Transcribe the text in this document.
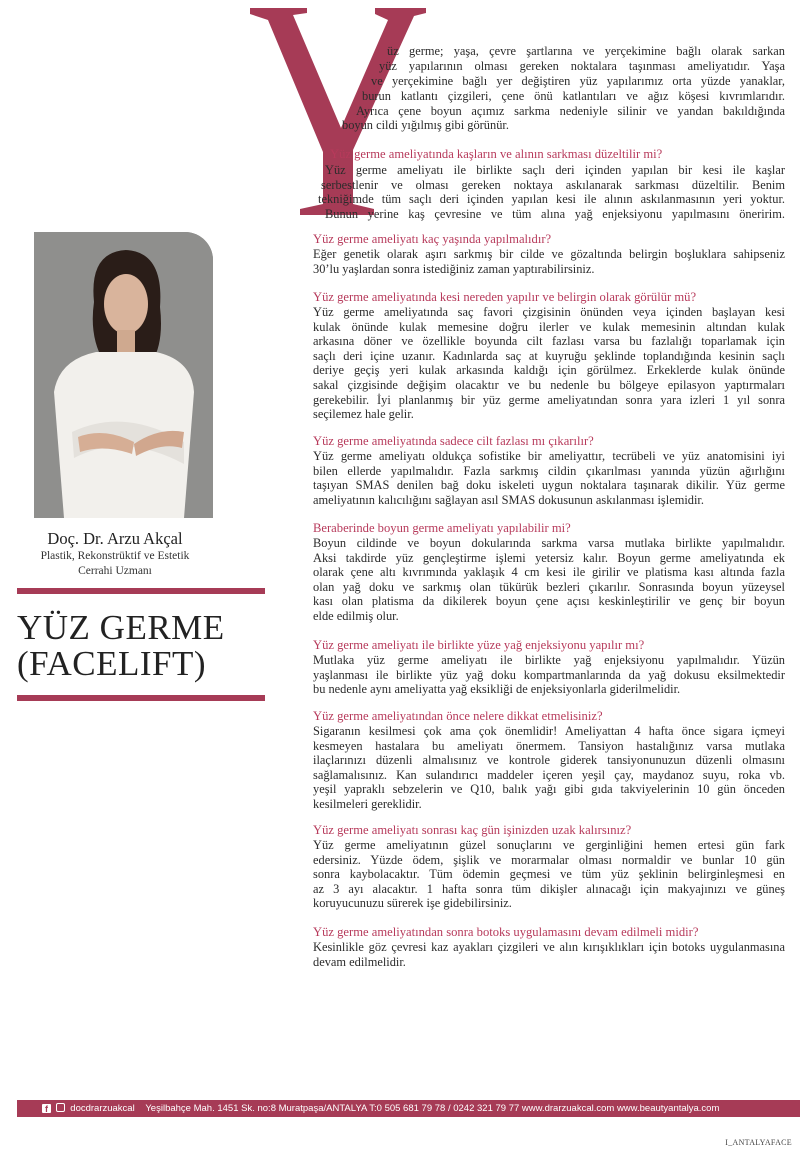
üz germe; yaşa, çevre şartlarına ve yerçekimine bağlı olarak sarkan
yüz yapılarının olması gereken noktalara taşınması ameliyatıdır. Yaşa
ve yerçekimine bağlı yer değiştiren yüz yapılarımız orta yüzde yanaklar,
burun katlantı çizgileri, çene önü katlantıları ve ağız köşesi kıvrımlarıdır.
Ayrıca çene boyun açımız sarkma nedeniyle silinir ve yandan bakıldığında
boyun cildi yığılmış gibi görünür.
Yüz germe ameliyatında kaşların ve alının sarkması düzeltilir mi?
Yüz germe ameliyatı ile birlikte saçlı deri içinden yapılan bir kesi ile kaşlar
serbestlenir ve olması gereken noktaya askılanarak sarkması düzeltilir. Benim
tekniğimde tüm saçlı deri içinden yapılan kesi ile alının askılanmasının yeri yoktur.
Bunun yerine kaş çevresine ve tüm alına yağ enjeksiyonu yapılmasını öneririm.
Yüz germe ameliyatı kaç yaşında yapılmalıdır?
Eğer genetik olarak aşırı sarkmış bir cilde ve gözaltında belirgin boşluklara sahipseniz
30’lu yaşlardan sonra istediğiniz zaman yaptırabilirsiniz.
Yüz germe ameliyatında kesi nereden yapılır ve belirgin olarak görülür mü?
Yüz germe ameliyatında saç favori çizgisinin önünden veya içinden başlayan kesi
kulak önünde kulak memesine doğru ilerler ve kulak memesinin altından kulak
arkasına döner ve özellikle boyunda cilt fazlası varsa bu fazlalığı toparlamak için
saçlı deri içine uzanır. Kadınlarda saç at kuyruğu şeklinde toplandığında kesinin saçlı
deriye geçiş yeri kulak arkasında kaldığı için görülmez. Erkeklerde kulak önünde
sakal çizgisinde değişim olacaktır ve bu nedenle bu bölgeye epilasyon yaptırmaları
gerekebilir. İyi planlanmış bir yüz germe ameliyatından sonra yara izleri 1 yıl sonra
seçilemez hale gelir.
Yüz germe ameliyatında sadece cilt fazlası mı çıkarılır?
Yüz germe ameliyatı oldukça sofistike bir ameliyattır, tecrübeli ve yüz anatomisini iyi
bilen ellerde yapılmalıdır. Fazla sarkmış cildin çıkarılması yanında yüzün ağırlığını
taşıyan SMAS denilen bağ doku iskeleti uygun noktalara taşınarak dikilir. Yüz germe
ameliyatının kalıcılığını sağlayan asıl SMAS dokusunun askılanması işlemidir.
Beraberinde boyun germe ameliyatı yapılabilir mi?
Boyun cildinde ve boyun dokularında sarkma varsa mutlaka birlikte yapılmalıdır.
Aksi takdirde yüz gençleştirme işlemi yetersiz kalır. Boyun germe ameliyatında ek
olarak çene altı kıvrımında yaklaşık 4 cm kesi ile girilir ve platisma kası altında fazla
olan yağ doku ve sarkmış olan tükürük bezleri çıkarılır. Sonrasında boyun yüzeysel
kası olan platisma da dikilerek boyun çene açısı keskinleştirilir ve genç bir boyun
elde edilmiş olur.
Yüz germe ameliyatı ile birlikte yüze yağ enjeksiyonu yapılır mı?
Mutlaka yüz germe ameliyatı ile birlikte yağ enjeksiyonu yapılmalıdır. Yüzün
yaşlanması ile birlikte yüz yağ doku kompartmanlarında da yağ dokusu eksilmektedir
bu nedenle aynı ameliyatta yağ eksikliği de enjeksiyonlarla giderilmelidir.
Yüz germe ameliyatından önce nelere dikkat etmelisiniz?
Sigaranın kesilmesi çok ama çok önemlidir! Ameliyattan 4 hafta önce sigara içmeyi
kesmeyen hastalara bu ameliyatı önermem. Tansiyon hastalığınız varsa mutlaka
ilaçlarınızı düzenli almalısınız ve kontrole giderek tansiyonunuzun düzenli olmasını
sağlamalısınız. Kan sulandırıcı maddeler içeren yeşil çay, maydanoz suyu, roka vb.
yeşil yapraklı sebzelerin ve Q10, balık yağı gibi gıda takviyelerinin 10 gün önceden
kesilmeleri gereklidir.
Yüz germe ameliyatı sonrası kaç gün işinizden uzak kalırsınız?
Yüz germe ameliyatının güzel sonuçlarını ve gerginliğini hemen ertesi gün fark
edersiniz. Yüzde ödem, şişlik ve morarmalar olması normaldir ve bunlar 10 gün
sonra kaybolacaktır. Tüm ödemin geçmesi ve tüm yüz şeklinin belirginleşmesi en
az 3 ayı alacaktır. 1 hafta sonra tüm dikişler alınacağı için makyajınızı ve güneş
koruyucunuzu sürerek işe gidebilirsiniz.
Yüz germe ameliyatından sonra botoks uygulamasını devam edilmeli midir?
Kesinlikle göz çevresi kaz ayakları çizgileri ve alın kırışıklıkları için botoks uygulanmasına
devam edilmelidir.
Doç. Dr. Arzu Akçal
Plastik, Rekonstrüktif ve Estetik
Cerrahi Uzmanı
YÜZ GERME
(FACELIFT)
f docdrarzuakcal Yeşilbahçe Mah. 1451 Sk. no:8 Muratpaşa/ANTALYA T:0 505 681 79 78 / 0242 321 79 77 www.drarzuakcal.com www.beautyantalya.com
I_ANTALYAFACE
